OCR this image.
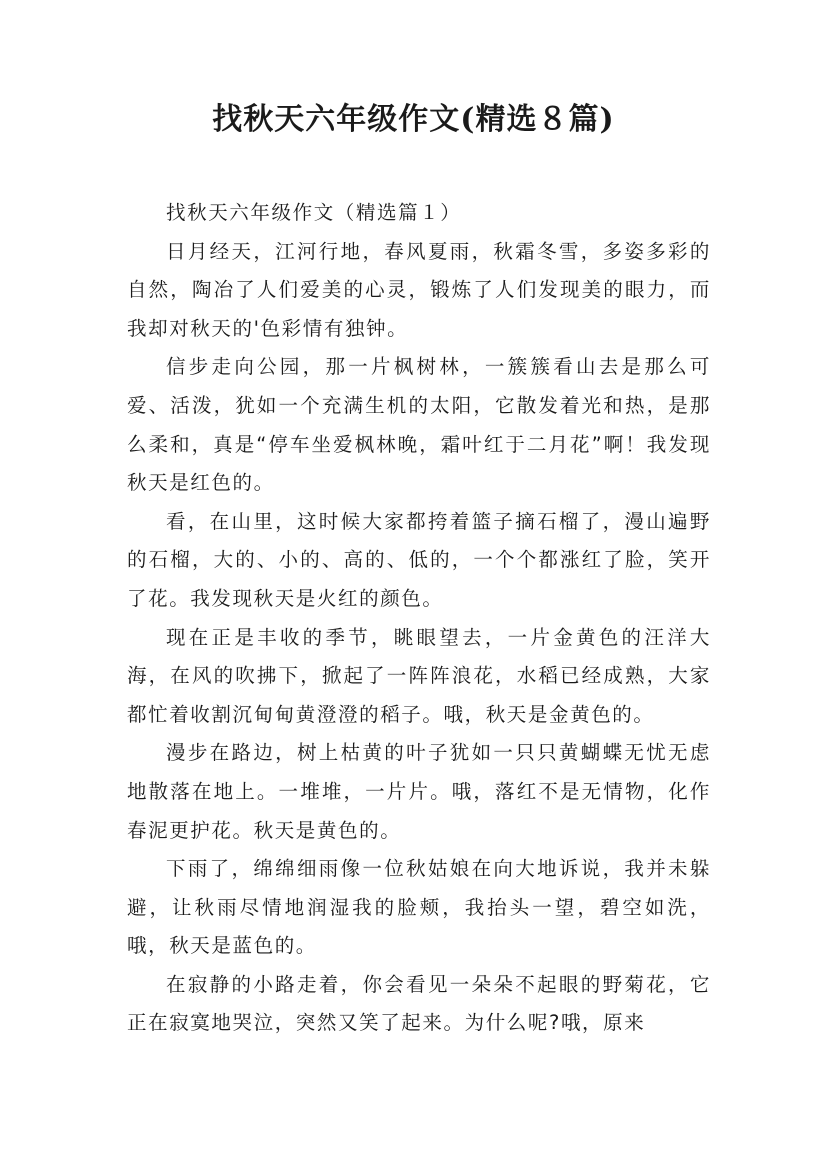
找秋天六年级作文(精选８篇)

找秋天六年级作文（精选篇１）

日月经天，江河行地，春风夏雨，秋霜冬雪，多姿多彩的自然，陶冶了人们爱美的心灵，锻炼了人们发现美的眼力，而我却对秋天的'色彩情有独钟。

信步走向公园，那一片枫树林，一簇簇看山去是那么可爱、活泼，犹如一个充满生机的太阳，它散发着光和热，是那么柔和，真是“停车坐爱枫林晚，霜叶红于二月花”啊！我发现秋天是红色的。

看，在山里，这时候大家都挎着篮子摘石榴了，漫山遍野的石榴，大的、小的、高的、低的，一个个都涨红了脸，笑开了花。我发现秋天是火红的颜色。

现在正是丰收的季节，眺眼望去，一片金黄色的汪洋大海，在风的吹拂下，掀起了一阵阵浪花，水稻已经成熟，大家都忙着收割沉甸甸黄澄澄的稻子。哦，秋天是金黄色的。

漫步在路边，树上枯黄的叶子犹如一只只黄蝴蝶无忧无虑地散落在地上。一堆堆，一片片。哦，落红不是无情物，化作春泥更护花。秋天是黄色的。

下雨了，绵绵细雨像一位秋姑娘在向大地诉说，我并未躲避，让秋雨尽情地润湿我的脸颊，我抬头一望，碧空如洗，哦，秋天是蓝色的。

在寂静的小路走着，你会看见一朵朵不起眼的野菊花，它正在寂寞地哭泣，突然又笑了起来。为什么呢?哦，原来
